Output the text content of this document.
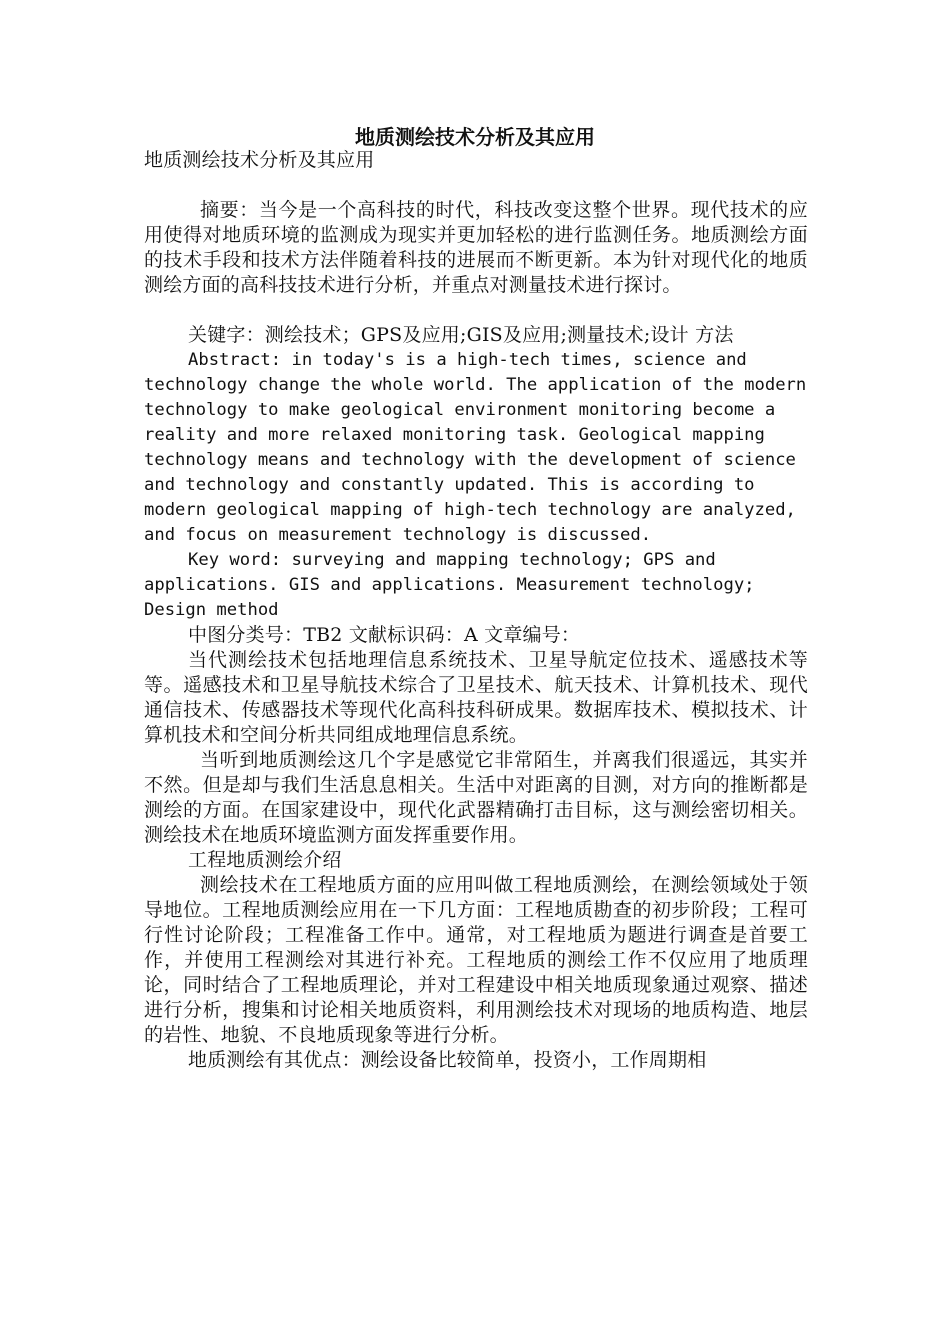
地质测绘技术分析及其应用

地质测绘技术分析及其应用

摘要：当今是一个高科技的时代，科技改变这整个世界。现代技术的应用使得对地质环境的监测成为现实并更加轻松的进行监测任务。地质测绘方面的技术手段和技术方法伴随着科技的进展而不断更新。本为针对现代化的地质测绘方面的高科技技术进行分析，并重点对测量技术进行探讨。

关键字：测绘技术；GPS及应用;GIS及应用;测量技术;设计 方法

Abstract: in today's is a high-tech times, science and technology change the whole world. The application of the modern technology to make geological environment monitoring become a reality and more relaxed monitoring task. Geological mapping technology means and technology with the development of science and technology and constantly updated. This is according to modern geological mapping of high-tech technology are analyzed, and focus on measurement technology is discussed.

Key word: surveying and mapping technology; GPS and applications. GIS and applications. Measurement technology; Design method

中图分类号：TB2 文献标识码：A 文章编号：

当代测绘技术包括地理信息系统技术、卫星导航定位技术、遥感技术等等。遥感技术和卫星导航技术综合了卫星技术、航天技术、计算机技术、现代通信技术、传感器技术等现代化高科技科研成果。数据库技术、模拟技术、计算机技术和空间分析共同组成地理信息系统。

当听到地质测绘这几个字是感觉它非常陌生，并离我们很遥远，其实并不然。但是却与我们生活息息相关。生活中对距离的目测，对方向的推断都是测绘的方面。在国家建设中，现代化武器精确打击目标，这与测绘密切相关。测绘技术在地质环境监测方面发挥重要作用。

工程地质测绘介绍

测绘技术在工程地质方面的应用叫做工程地质测绘，在测绘领域处于领导地位。工程地质测绘应用在一下几方面：工程地质勘查的初步阶段；工程可行性讨论阶段；工程准备工作中。通常，对工程地质为题进行调查是首要工作，并使用工程测绘对其进行补充。工程地质的测绘工作不仅应用了地质理论，同时结合了工程地质理论，并对工程建设中相关地质现象通过观察、描述进行分析，搜集和讨论相关地质资料，利用测绘技术对现场的地质构造、地层的岩性、地貌、不良地质现象等进行分析。

地质测绘有其优点：测绘设备比较简单，投资小，工作周期相
